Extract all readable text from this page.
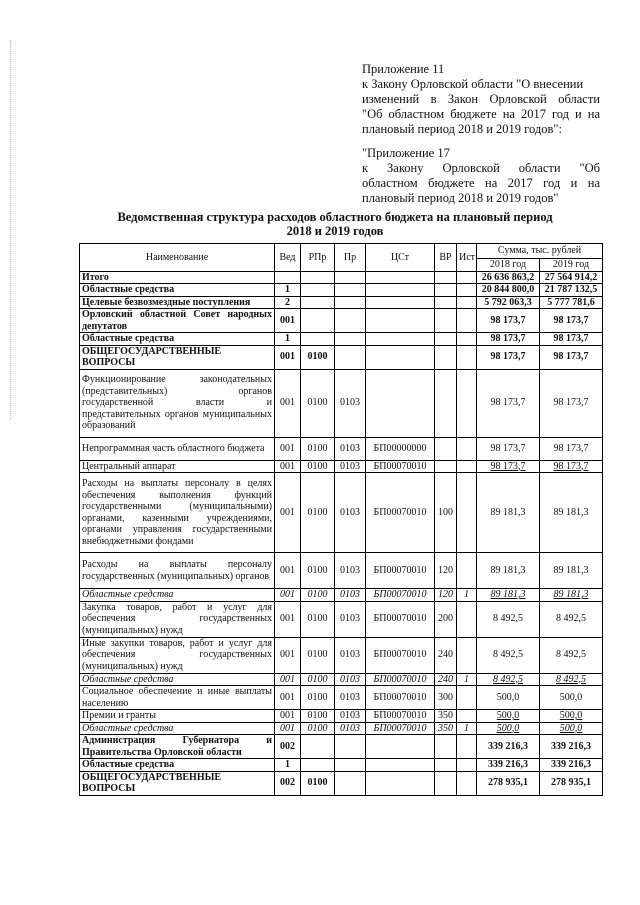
Приложение 11
к Закону Орловской области "О внесении
изменений в Закон Орловской области
"Об областном бюджете на 2017 год и на
плановый период 2018 и 2019 годов":
"Приложение 17
к Закону Орловской области "Об
областном бюджете на 2017 год и на
плановый период 2018 и 2019 годов"
Ведомственная структура расходов областного бюджета на плановый период
2018 и 2019 годов
Наименование	Вед	РПр	Пр	ЦСт	ВР	Ист	Сумма, тыс. рублей	
							2018 год	2019 год
Итого							26 636 863,2	27 564 914,2
Областные средства	1						20 844 800,0	21 787 132,5
Целевые безвозмездные поступления	2						5 792 063,3	5 777 781,6
Орловский областной Совет народных депутатов	001						98 173,7	98 173,7
Областные средства	1						98 173,7	98 173,7
ОБЩЕГОСУДАРСТВЕННЫЕ ВОПРОСЫ	001	0100					98 173,7	98 173,7
Функционирование законодательных (представительных) органов государственной власти и представительных органов муниципальных образований	001	0100	0103				98 173,7	98 173,7
Непрограммная часть областного бюджета	001	0100	0103	БП00000000			98 173,7	98 173,7
Центральный аппарат	001	0100	0103	БП00070010			98 173,7	98 173,7
Расходы на выплаты персоналу в целях обеспечения выполнения функций государственными (муниципальными) органами, казенными учреждениями, органами управления государственными внебюджетными фондами	001	0100	0103	БП00070010	100		89 181,3	89 181,3
Расходы на выплаты персоналу государственных (муниципальных) органов	001	0100	0103	БП00070010	120		89 181,3	89 181,3
Областные средства	001	0100	0103	БП00070010	120	1	89 181,3	89 181,3
Закупка товаров, работ и услуг для обеспечения государственных (муниципальных) нужд	001	0100	0103	БП00070010	200		8 492,5	8 492,5
Иные закупки товаров, работ и услуг для обеспечения государственных (муниципальных) нужд	001	0100	0103	БП00070010	240		8 492,5	8 492,5
Областные средства	001	0100	0103	БП00070010	240	1	8 492,5	8 492,5
Социальное обеспечение и иные выплаты населению	001	0100	0103	БП00070010	300		500,0	500,0
Премии и гранты	001	0100	0103	БП00070010	350		500,0	500,0
Областные средства	001	0100	0103	БП00070010	350	1	500,0	500,0
Администрация Губернатора и Правительства Орловской области	002						339 216,3	339 216,3
Областные средства	1						339 216,3	339 216,3
ОБЩЕГОСУДАРСТВЕННЫЕ ВОПРОСЫ	002	0100					278 935,1	278 935,1
